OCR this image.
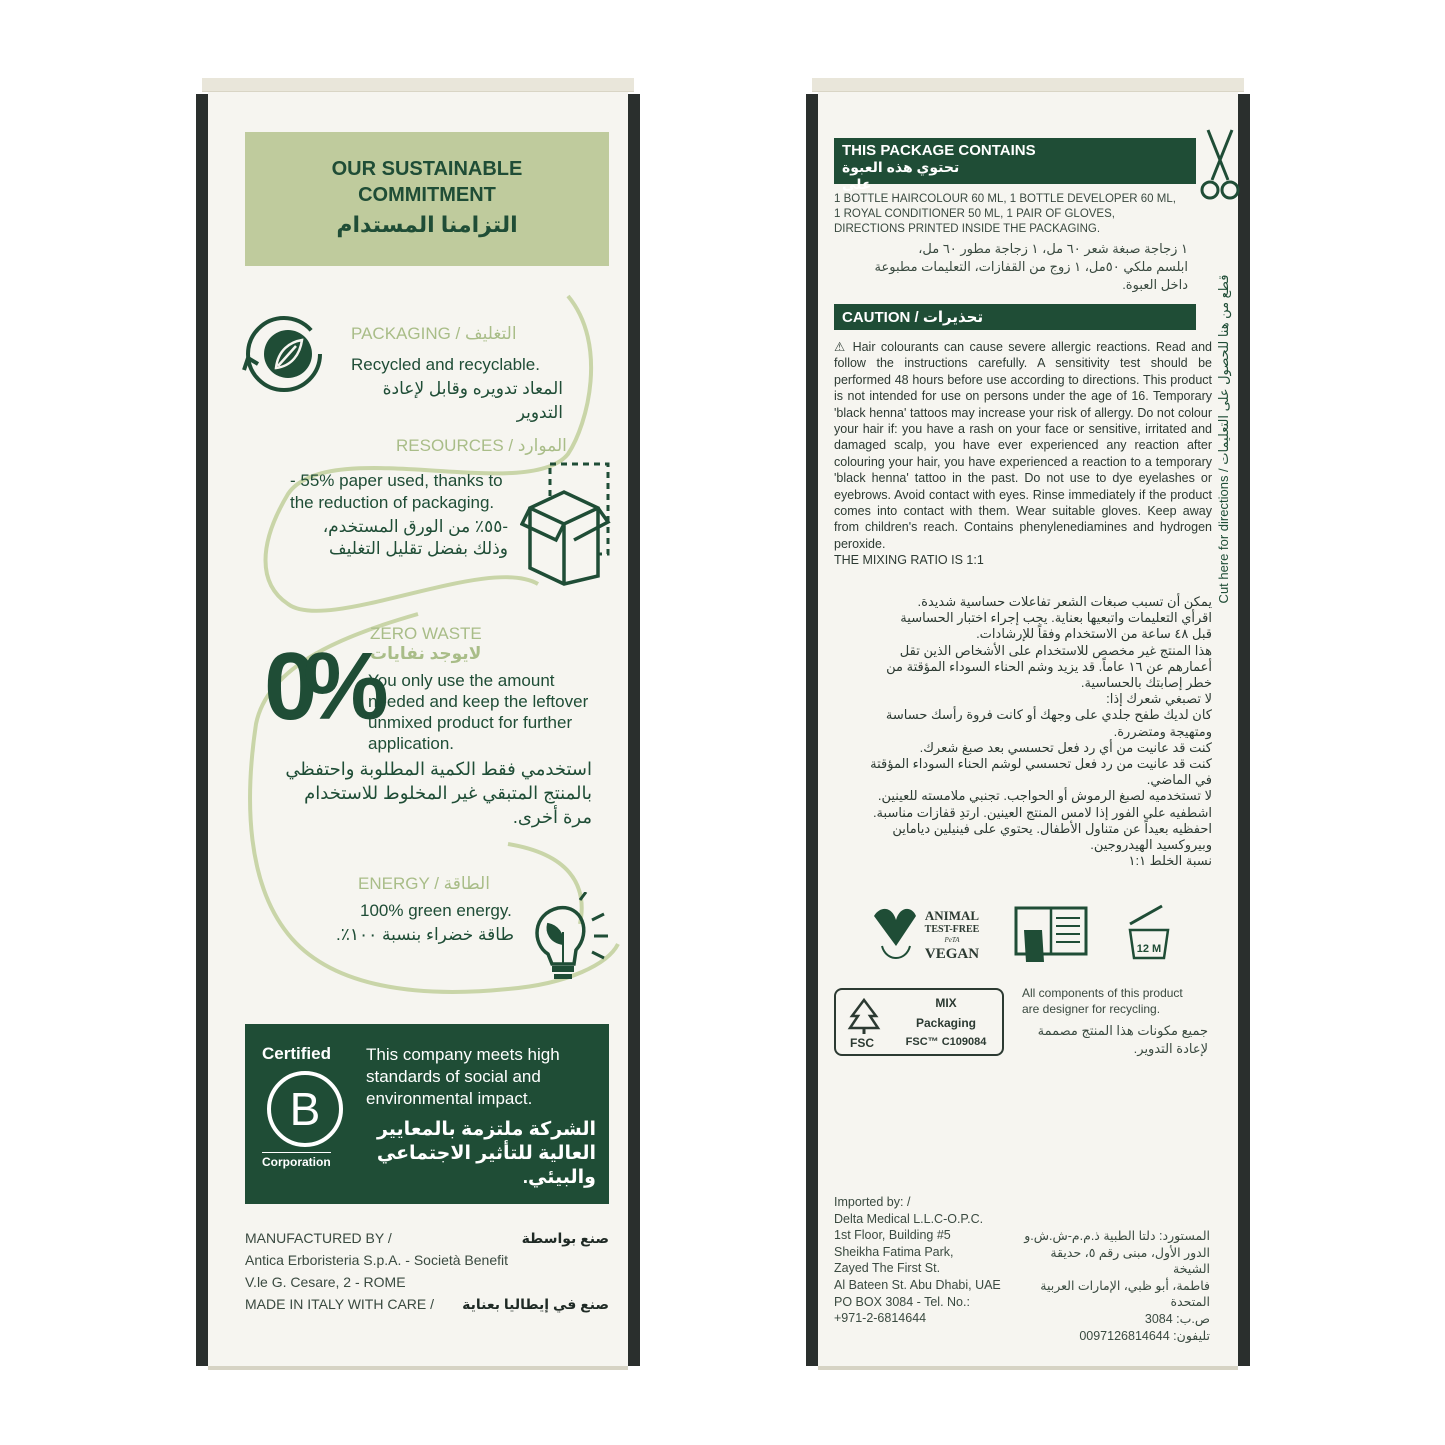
OUR SUSTAINABLE
COMMITMENT
التزامنا المستدام
PACKAGING / التغليف
Recycled and recyclable.
المعاد تدويره وقابل لإعادة
التدوير
RESOURCES / الموارد
- 55% paper used, thanks to
the reduction of packaging.
-٥٥٪ من الورق المستخدم،
وذلك بفضل تقليل التغليف
0%
ZERO WASTE
لايوجد نفايات
You only use the amount
needed and keep the leftover
unmixed product for further
application.
استخدمي فقط الكمية المطلوبة واحتفظي
بالمنتج المتبقي غير المخلوط للاستخدام
مرة أخرى.
ENERGY / الطاقة
100% green energy.
طاقة خضراء بنسبة ١٠٠٪.
Certified
B
Corporation
This company meets high
standards of social and
environmental impact.
الشركة ملتزمة بالمعايير
العالية للتأثير الاجتماعي
والبيئي.
MANUFACTURED BY /	صنع بواسطة
Antica Erboristeria S.p.A. - Società Benefit
V.le G. Cesare, 2 - ROME
MADE IN ITALY WITH CARE / صنع في إيطاليا بعناية
THIS PACKAGE CONTAINS
تحتوي هذه العبوة على
1 BOTTLE HAIRCOLOUR 60 ML, 1 BOTTLE DEVELOPER 60 ML,
1 ROYAL CONDITIONER 50 ML, 1 PAIR OF GLOVES,
DIRECTIONS PRINTED INSIDE THE PACKAGING.
١ زجاجة صبغة شعر ٦٠ مل، ١ زجاجة مطور ٦٠ مل،
ابلسم ملكي ٥٠مل، ١ زوج من القفازات، التعليمات مطبوعة
داخل العبوة.
CAUTION / تحذيرات
⚠ Hair colourants can cause severe allergic reactions. Read and follow the instructions carefully. A sensitivity test should be performed 48 hours before use according to directions. This product is not intended for use on persons under the age of 16. Temporary 'black henna' tattoos may increase your risk of allergy. Do not colour your hair if: you have a rash on your face or sensitive, irritated and damaged scalp, you have ever experienced any reaction after colouring your hair, you have experienced a reaction to a temporary 'black henna' tattoo in the past. Do not use to dye eyelashes or eyebrows. Avoid contact with eyes. Rinse immediately if the product comes into contact with them. Wear suitable gloves. Keep away from children's reach. Contains phenylenediamines and hydrogen peroxide.
THE MIXING RATIO IS 1:1
يمكن أن تسبب صبغات الشعر تفاعلات حساسية شديدة.
اقرأي التعليمات واتبعيها بعناية. يجب إجراء اختبار الحساسية
قبل ٤٨ ساعة من الاستخدام وفقاً للإرشادات.
هذا المنتج غير مخصص للاستخدام على الأشخاص الذين تقل
أعمارهم عن ١٦ عاماً. قد يزيد وشم الحناء السوداء المؤقتة من
خطر إصابتك بالحساسية.
لا تصبغي شعرك إذا:
كان لديك طفح جلدي على وجهك أو كانت فروة رأسك حساسة
ومتهيجة ومتضررة.
كنت قد عانيت من أي رد فعل تحسسي بعد صبغ شعرك.
كنت قد عانيت من رد فعل تحسسي لوشم الحناء السوداء المؤقتة
في الماضي.
لا تستخدميه لصبغ الرموش أو الحواجب. تجنبي ملامسته للعينين.
اشطفيه على الفور إذا لامس المنتج العينين. ارتدِ قفازات مناسبة.
احفظيه بعيداً عن متناول الأطفال. يحتوي على فينيلين دياماين
وبيروكسيد الهيدروجين.
نسبة الخلط ١:١
Cut here for directions / قطع من هنا للحصول على التعليمات
ANIMAL
TEST-FREE
PeTA
VEGAN	12 M
FSC
MIX
Packaging
FSC™ C109084
All components of this product
are designer for recycling.
جميع مكونات هذا المنتج مصممة
لإعادة التدوير.
Imported by: /
Delta Medical L.L.C-O.P.C.
1st Floor, Building #5
Sheikha Fatima Park,
Zayed The First St.
Al Bateen St. Abu Dhabi, UAE
PO BOX 3084 - Tel. No.:
+971-2-6814644
المستورد: دلتا الطبية ذ.م.م-ش.ش.و
الدور الأول، مبنى رقم ٥، حديقة الشيخة
فاطمة، أبو ظبي، الإمارات العربية المتحدة
ص.ب: 3084
تليفون: 0097126814644
